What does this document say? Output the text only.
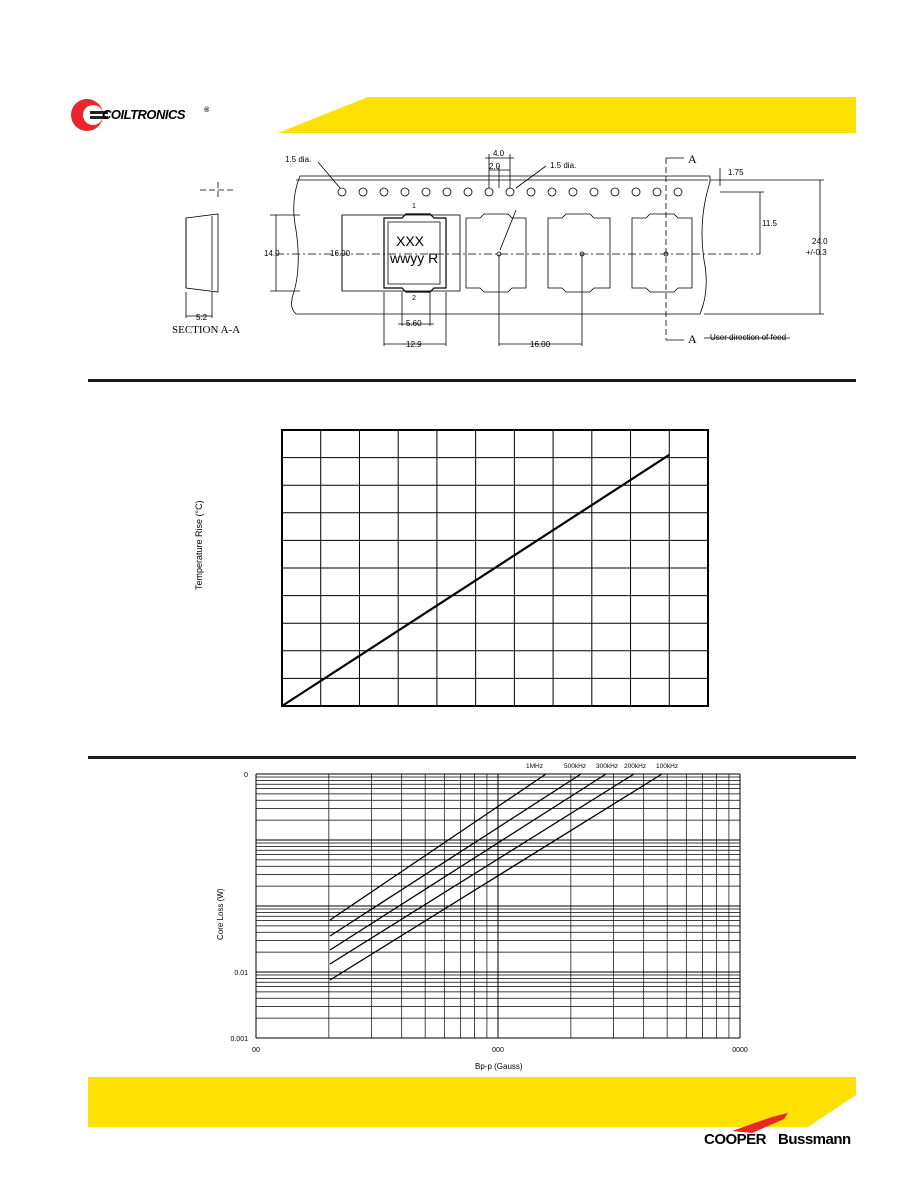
COILTRONICS	®
5.2
SECTION A-A
1.5 dia.
1.5 dia.
4.0
2.0
1.75
11.5
24.0
+/-0.3
14.0	16.00
5.60
12.9	16.00
XXX
wwyy R
1
2
A
A User direction of feed
Temperature Rise (°C)
00	000	0000
0
0.01
0.001
1MHz	500kHz 300kHz 200kHz 100kHz
Core Loss (W)
Bp-p (Gauss)
COOPER Bussmann
